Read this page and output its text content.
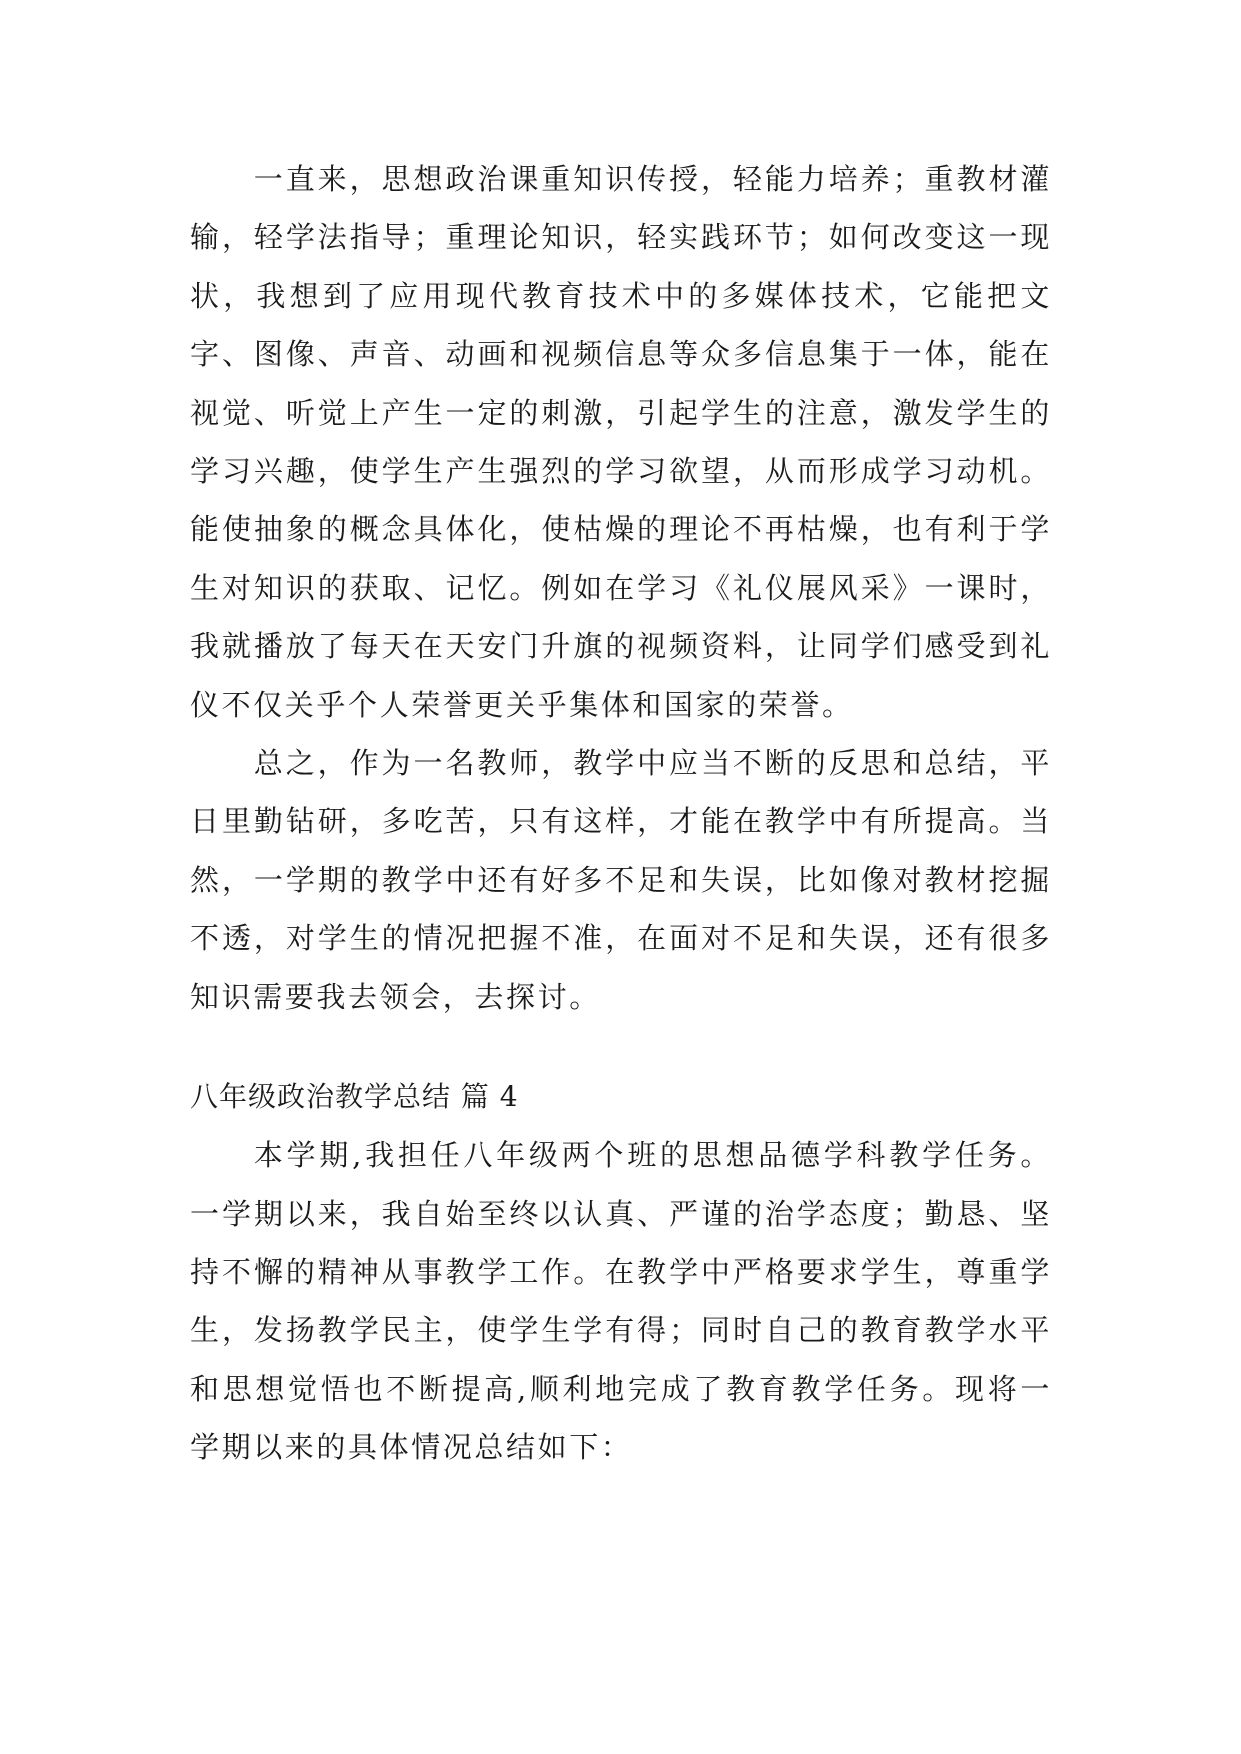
一直来，思想政治课重知识传授，轻能力培养；重教材灌输，轻学法指导；重理论知识，轻实践环节；如何改变这一现状，我想到了应用现代教育技术中的多媒体技术，它能把文字、图像、声音、动画和视频信息等众多信息集于一体，能在视觉、听觉上产生一定的刺激，引起学生的注意，激发学生的学习兴趣，使学生产生强烈的学习欲望，从而形成学习动机。能使抽象的概念具体化，使枯燥的理论不再枯燥，也有利于学生对知识的获取、记忆。例如在学习《礼仪展风采》一课时，我就播放了每天在天安门升旗的视频资料，让同学们感受到礼仪不仅关乎个人荣誉更关乎集体和国家的荣誉。

总之，作为一名教师，教学中应当不断的反思和总结，平日里勤钻研，多吃苦，只有这样，才能在教学中有所提高。当然，一学期的教学中还有好多不足和失误，比如像对教材挖掘不透，对学生的情况把握不准，在面对不足和失误，还有很多知识需要我去领会，去探讨。

八年级政治教学总结 篇 4

本学期,我担任八年级两个班的思想品德学科教学任务。一学期以来，我自始至终以认真、严谨的治学态度；勤恳、坚持不懈的精神从事教学工作。在教学中严格要求学生，尊重学生，发扬教学民主，使学生学有得；同时自己的教育教学水平和思想觉悟也不断提高,顺利地完成了教育教学任务。现将一学期以来的具体情况总结如下：
